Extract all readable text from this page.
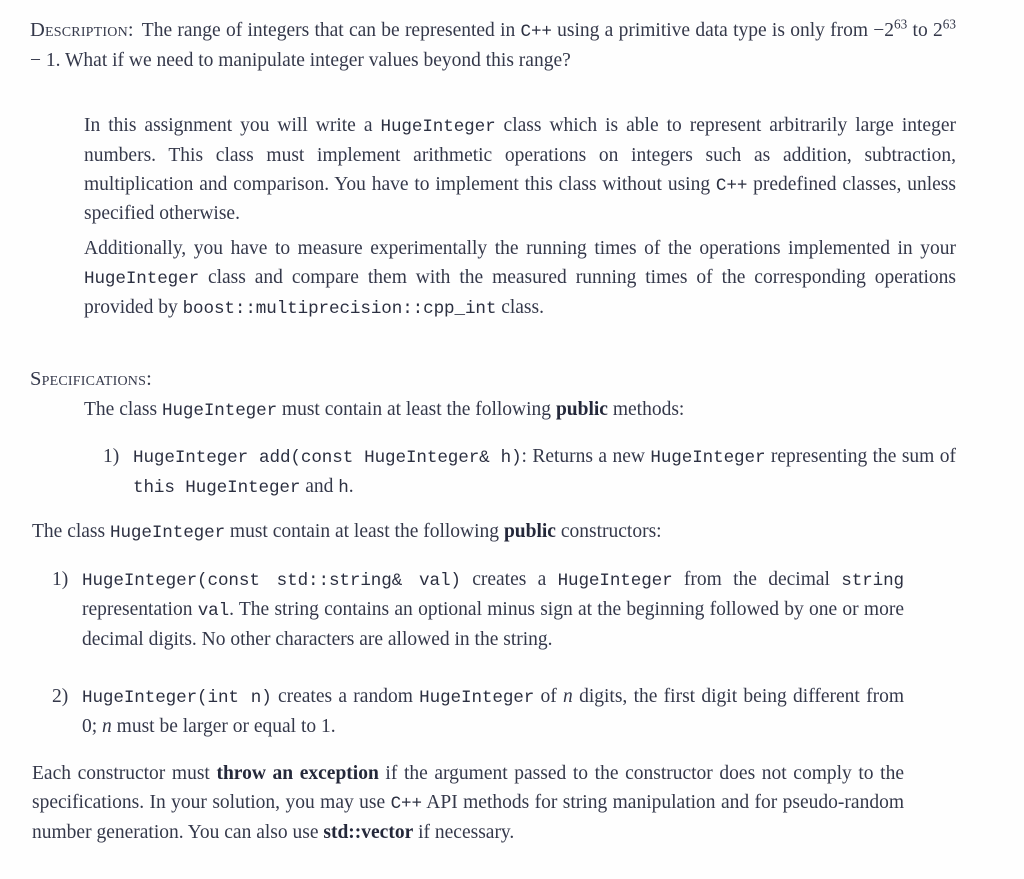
Description: The range of integers that can be represented in C++ using a primitive data type is only from $-2^{63}$ to $2^{63} - 1$. What if we need to manipulate integer values beyond this range?
In this assignment you will write a HugeInteger class which is able to represent arbitrarily large integer numbers. This class must implement arithmetic operations on integers such as addition, subtraction, multiplication and comparison. You have to implement this class without using C++ predefined classes, unless specified otherwise.
Additionally, you have to measure experimentally the running times of the operations implemented in your HugeInteger class and compare them with the measured running times of the corresponding operations provided by boost::multiprecision::cpp_int class.
Specifications:
The class HugeInteger must contain at least the following public methods:
1) HugeInteger add(const HugeInteger& h): Returns a new HugeInteger representing the sum of this HugeInteger and h.
The class HugeInteger must contain at least the following public constructors:
1) HugeInteger(const std::string& val) creates a HugeInteger from the decimal string representation val. The string contains an optional minus sign at the beginning followed by one or more decimal digits. No other characters are allowed in the string.
2) HugeInteger(int n) creates a random HugeInteger of n digits, the first digit being different from 0; n must be larger or equal to 1.
Each constructor must throw an exception if the argument passed to the constructor does not comply to the specifications. In your solution, you may use C++ API methods for string manipulation and for pseudo-random number generation. You can also use std::vector if necessary.
